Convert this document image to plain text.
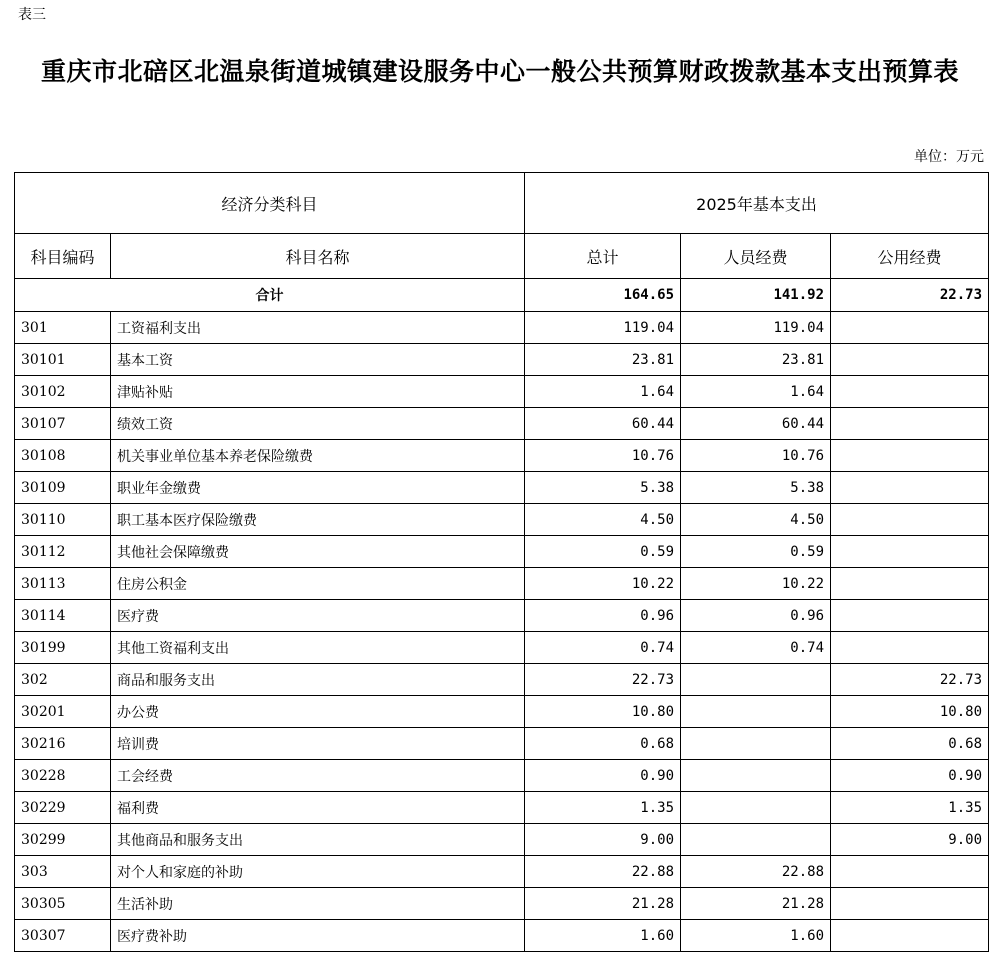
表三
重庆市北碚区北温泉街道城镇建设服务中心一般公共预算财政拨款基本支出预算表
单位：万元
经济分类科目		2025年基本支出		
科目编码	科目名称	总计	人员经费	公用经费
合计		164.65	141.92	22.73
301	工资福利支出	119.04	119.04	
30101	基本工资	23.81	23.81	
30102	津贴补贴	1.64	1.64	
30107	绩效工资	60.44	60.44	
30108	机关事业单位基本养老保险缴费	10.76	10.76	
30109	职业年金缴费	5.38	5.38	
30110	职工基本医疗保险缴费	4.50	4.50	
30112	其他社会保障缴费	0.59	0.59	
30113	住房公积金	10.22	10.22	
30114	医疗费	0.96	0.96	
30199	其他工资福利支出	0.74	0.74	
302	商品和服务支出	22.73		22.73
30201	办公费	10.80		10.80
30216	培训费	0.68		0.68
30228	工会经费	0.90		0.90
30229	福利费	1.35		1.35
30299	其他商品和服务支出	9.00		9.00
303	对个人和家庭的补助	22.88	22.88	
30305	生活补助	21.28	21.28	
30307	医疗费补助	1.60	1.60	
